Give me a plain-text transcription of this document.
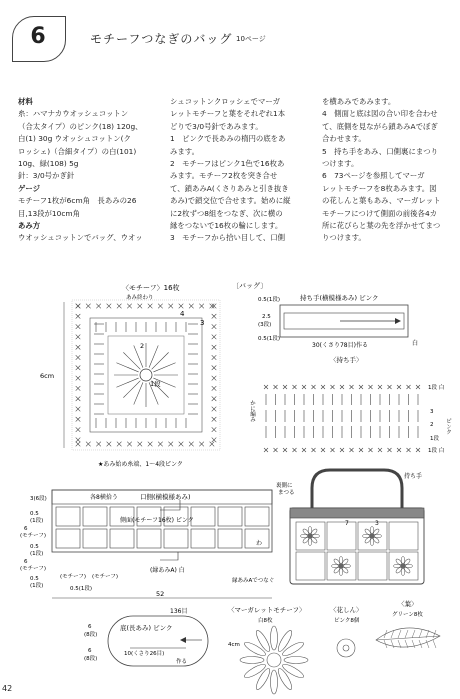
6	モチーフつなぎのバッグ 10ページ

材料

糸：ハマナカウオッシュコットン

（合太タイプ）のピンク(18) 120g、

白(1) 30g ウオッシュコットン(ク

ロッシェ)（合細タイプ）の白(101)

10g、緑(108) 5g

針：3/0号かぎ針

ゲージ

モチーフ1枚が6cm角　長あみの26

目,13段が10cm角

あみ方

ウオッシュコットンでバッグ、ウオッ

シュコットンクロッシェでマーガ

レットモチーフと葉をそれぞれ1本

どりで3/0号針であみます。

1　ピンクで長あみの楕円の底をあ

みます。

2　モチーフはピンク1色で16枚あ

みます。モチーフ2枚を突き合せ

て、鎖あみA(くさりあみと引き抜き

あみ)で鎖交位で合せます。始めに縦

に2枚ずつ8組をつなぎ、次に横の

縁をつないで16枚の輪にします。

3　モチーフから拾い目して、口側

を横あみであみます。

4　側面と底は図の合い印を合わせ

て、底側を見ながら鎖あみAでぼぎ

合わせます。

5　持ち手をあみ、口側裏にまつり

つけます。

6　73ページを参照してマーガ

レットモチーフを8枚あみます。図

の花しんと葉もあみ、マーガレット

モチーフにつけて側面の前後各4カ

所に花びらと葉の先を浮かせてまつ

りつけます。

〈モチーフ〉16枚
あみ終わり
4
3
2
1段
6cm
★あみ始め糸端、1〜4段ピンク
〔バッグ〕
持ち手(横模様あみ) ピンク
0.5(1段)
2.5
(3段)
0.5(1段)
30(くさり78目)作る	白
〈持ち手〉
1段 白
3
2
1段
1段 白
ピンク
かに編み
各8横拾う	口側(横模様あみ)
側面(モチーフ16枚) ピンク
(縁あみA) 白
縁あみAでつなぐ
わ
3(6段)
0.5
(1段)
6
(モチーフ)
0.5
(1段)
6
(モチーフ)
0.5
(1段)
(モチーフ) (モチーフ)
0.5(1段)
52
持ち手
裏側に まつる
7	3
136目
底(長あみ) ピンク
10(くさり26目)
作る
6
(8段)
6
(8段)
〈マーガレットモチーフ〉
白8枚
4cm
〈花しん〉
ピンク8個
〈葉〉
グリーン8枚
42
